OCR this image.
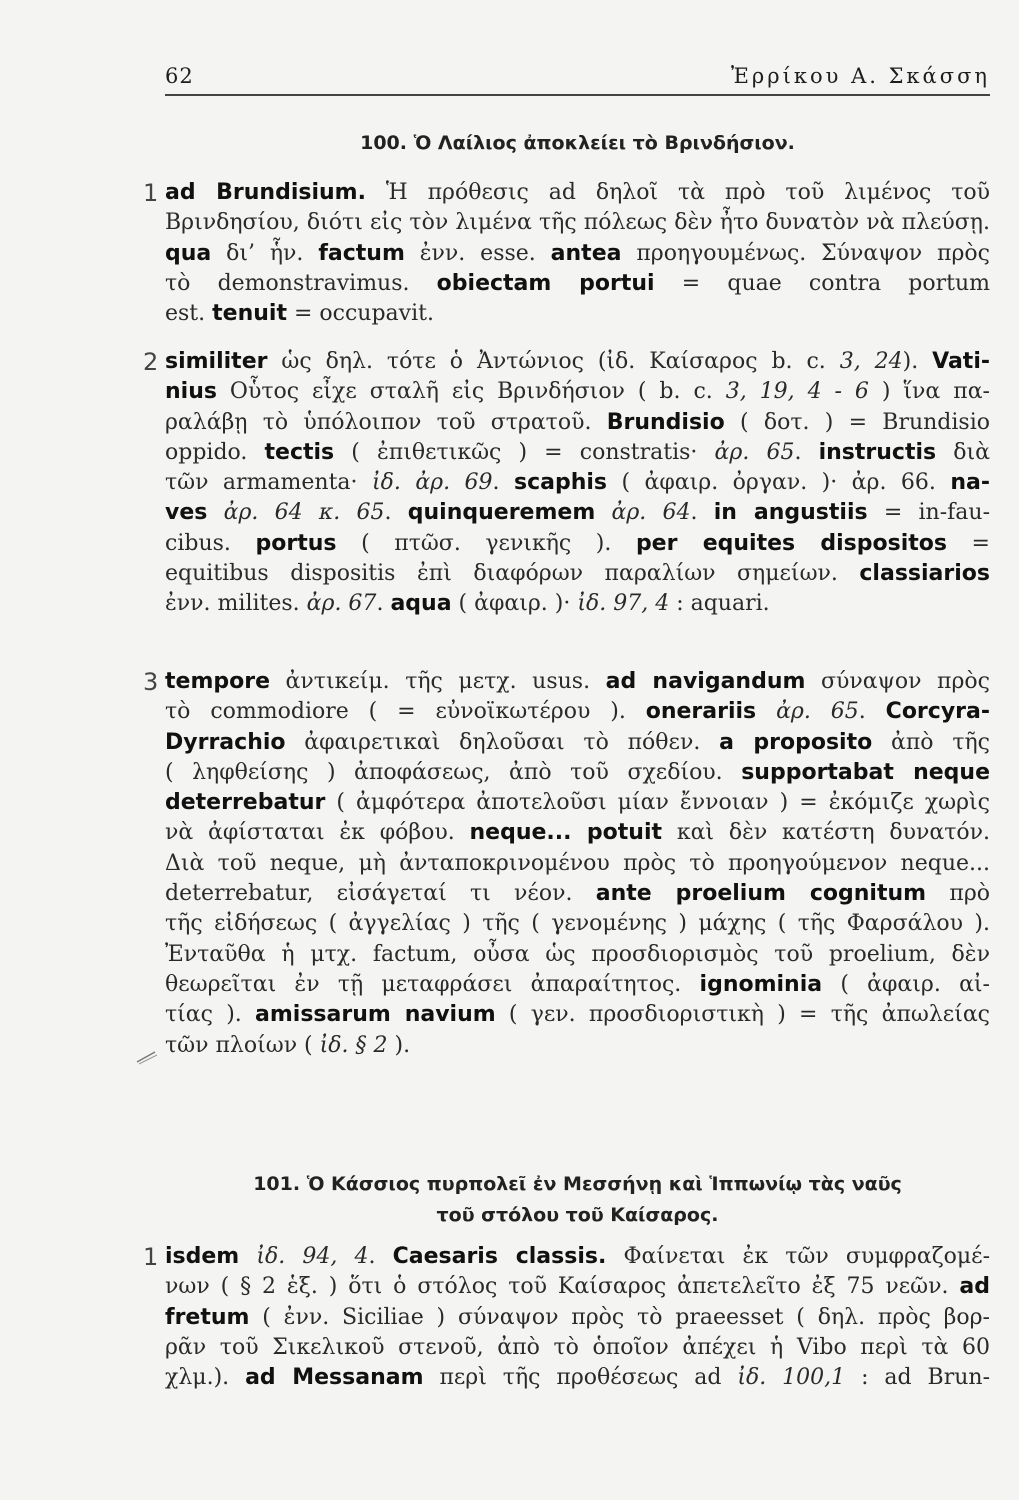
62	Ἐρρίκου Α. Σκάσση
100. Ὁ Λαίλιος ἀποκλείει τὸ Βρινδήσιον.
1 ad Brundisium. Ἡ πρόθεσις ad δηλοῖ τὰ πρὸ τοῦ λιμένος τοῦ
Βρινδησίου, διότι εἰς τὸν λιμένα τῆς πόλεως δὲν ἦτο δυνατὸν νὰ πλεύσῃ.
qua δι’ ἧν. factum ἐνν. esse. antea προηγουμένως. Σύναψον πρὸς
τὸ demonstravimus. obiectam portui = quae contra portum
est. tenuit = occupavit.
2 similiter ὡς δηλ. τότε ὁ Ἀντώνιος (ἰδ. Καίσαρος b. c. 3, 24). Vati-
nius Οὗτος εἶχε σταλῆ εἰς Βρινδήσιον ( b. c. 3, 19, 4 - 6 ) ἵνα πα-
ραλάβῃ τὸ ὑπόλοιπον τοῦ στρατοῦ. Brundisio ( δοτ. ) = Brundisio
oppido. tectis ( ἐπιθετικῶς ) = constratis· ἀρ. 65. instructis διὰ
τῶν armamenta· ἰδ. ἀρ. 69. scaphis ( ἀφαιρ. ὀργαν. )· ἀρ. 66. na-
ves ἀρ. 64 κ. 65. quinqueremem ἀρ. 64. in angustiis = in-fau-
cibus. portus ( πτῶσ. γενικῆς ). per equites dispositos =
equitibus dispositis ἐπὶ διαφόρων παραλίων σημείων. classiarios
ἐνν. milites. ἀρ. 67. aqua ( ἀφαιρ. )· ἰδ. 97, 4 : aquari.
3 tempore ἀντικείμ. τῆς μετχ. usus. ad navigandum σύναψον πρὸς
τὸ commodiore ( = εὐνοϊκωτέρου ). onerariis ἀρ. 65. Corcyra-
Dyrrachio ἀφαιρετικαὶ δηλοῦσαι τὸ πόθεν. a proposito ἀπὸ τῆς
( ληφθείσης ) ἀποφάσεως, ἀπὸ τοῦ σχεδίου. supportabat neque
deterrebatur ( ἀμφότερα ἀποτελοῦσι μίαν ἔννοιαν ) = ἐκόμιζε χωρὶς
νὰ ἀφίσταται ἐκ φόβου. neque... potuit καὶ δὲν κατέστη δυνατόν.
Διὰ τοῦ neque, μὴ ἀνταποκρινομένου πρὸς τὸ προηγούμενον neque...
deterrebatur, εἰσάγεταί τι νέον. ante proelium cognitum πρὸ
τῆς εἰδήσεως ( ἀγγελίας ) τῆς ( γενομένης ) μάχης ( τῆς Φαρσάλου ).
Ἐνταῦθα ἡ μτχ. factum, οὖσα ὡς προσδιορισμὸς τοῦ proelium, δὲν
θεωρεῖται ἐν τῇ μεταφράσει ἀπαραίτητος. ignominia ( ἀφαιρ. αἰ-
τίας ). amissarum navium ( γεν. προσδιοριστικὴ ) = τῆς ἀπωλείας
τῶν πλοίων ( ἰδ. § 2 ).
101. Ὁ Κάσσιος πυρπολεῖ ἐν Μεσσήνῃ καὶ Ἱππωνίῳ τὰς ναῦς
τοῦ στόλου τοῦ Καίσαρος.
1 isdem ἰδ. 94, 4. Caesaris classis. Φαίνεται ἐκ τῶν συμφραζομέ-
νων ( § 2 ἑξ. ) ὅτι ὁ στόλος τοῦ Καίσαρος ἀπετελεῖτο ἐξ 75 νεῶν. ad
fretum ( ἐνν. Siciliae ) σύναψον πρὸς τὸ praeesset ( δηλ. πρὸς βορ-
ρᾶν τοῦ Σικελικοῦ στενοῦ, ἀπὸ τὸ ὁποῖον ἀπέχει ἡ Vibo περὶ τὰ 60
χλμ.). ad Messanam περὶ τῆς προθέσεως ad ἰδ. 100,1 : ad Brun-
